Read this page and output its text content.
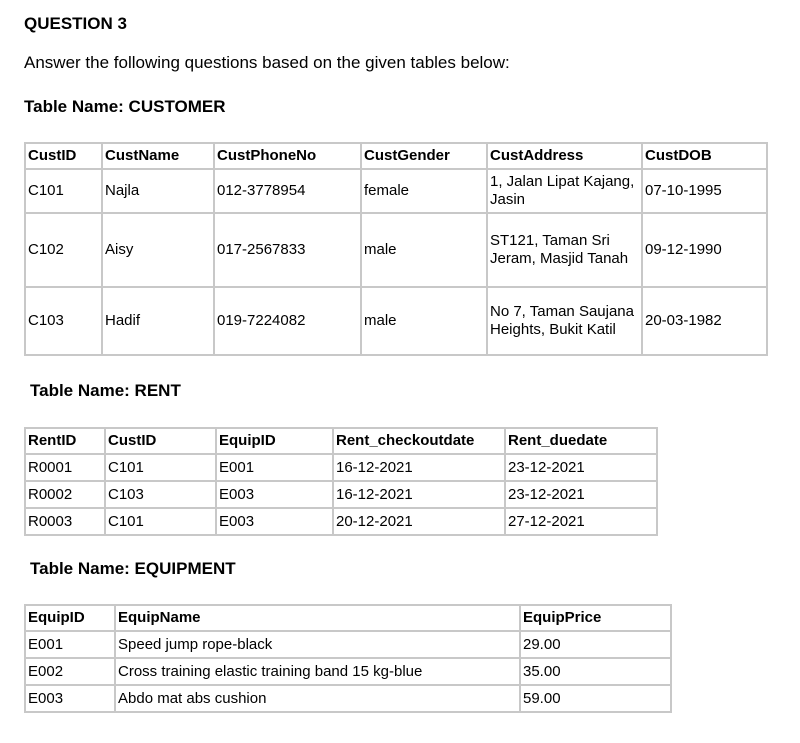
QUESTION 3
Answer the following questions based on the given tables below:
Table Name: CUSTOMER
CustID	CustName	CustPhoneNo	CustGender	CustAddress	CustDOB
C101	Najla	012-3778954	female	1, Jalan Lipat Kajang, Jasin	07-10-1995
C102	Aisy	017-2567833	male	ST121, Taman Sri Jeram, Masjid Tanah	09-12-1990
C103	Hadif	019-7224082	male	No 7, Taman Saujana Heights, Bukit Katil	20-03-1982
Table Name: RENT
RentID	CustID	EquipID	Rent_checkoutdate	Rent_duedate
R0001	C101	E001	16-12-2021	23-12-2021
R0002	C103	E003	16-12-2021	23-12-2021
R0003	C101	E003	20-12-2021	27-12-2021
Table Name: EQUIPMENT
EquipID	EquipName	EquipPrice
E001	Speed jump rope-black	29.00
E002	Cross training elastic training band 15 kg-blue	35.00
E003	Abdo mat abs cushion	59.00
